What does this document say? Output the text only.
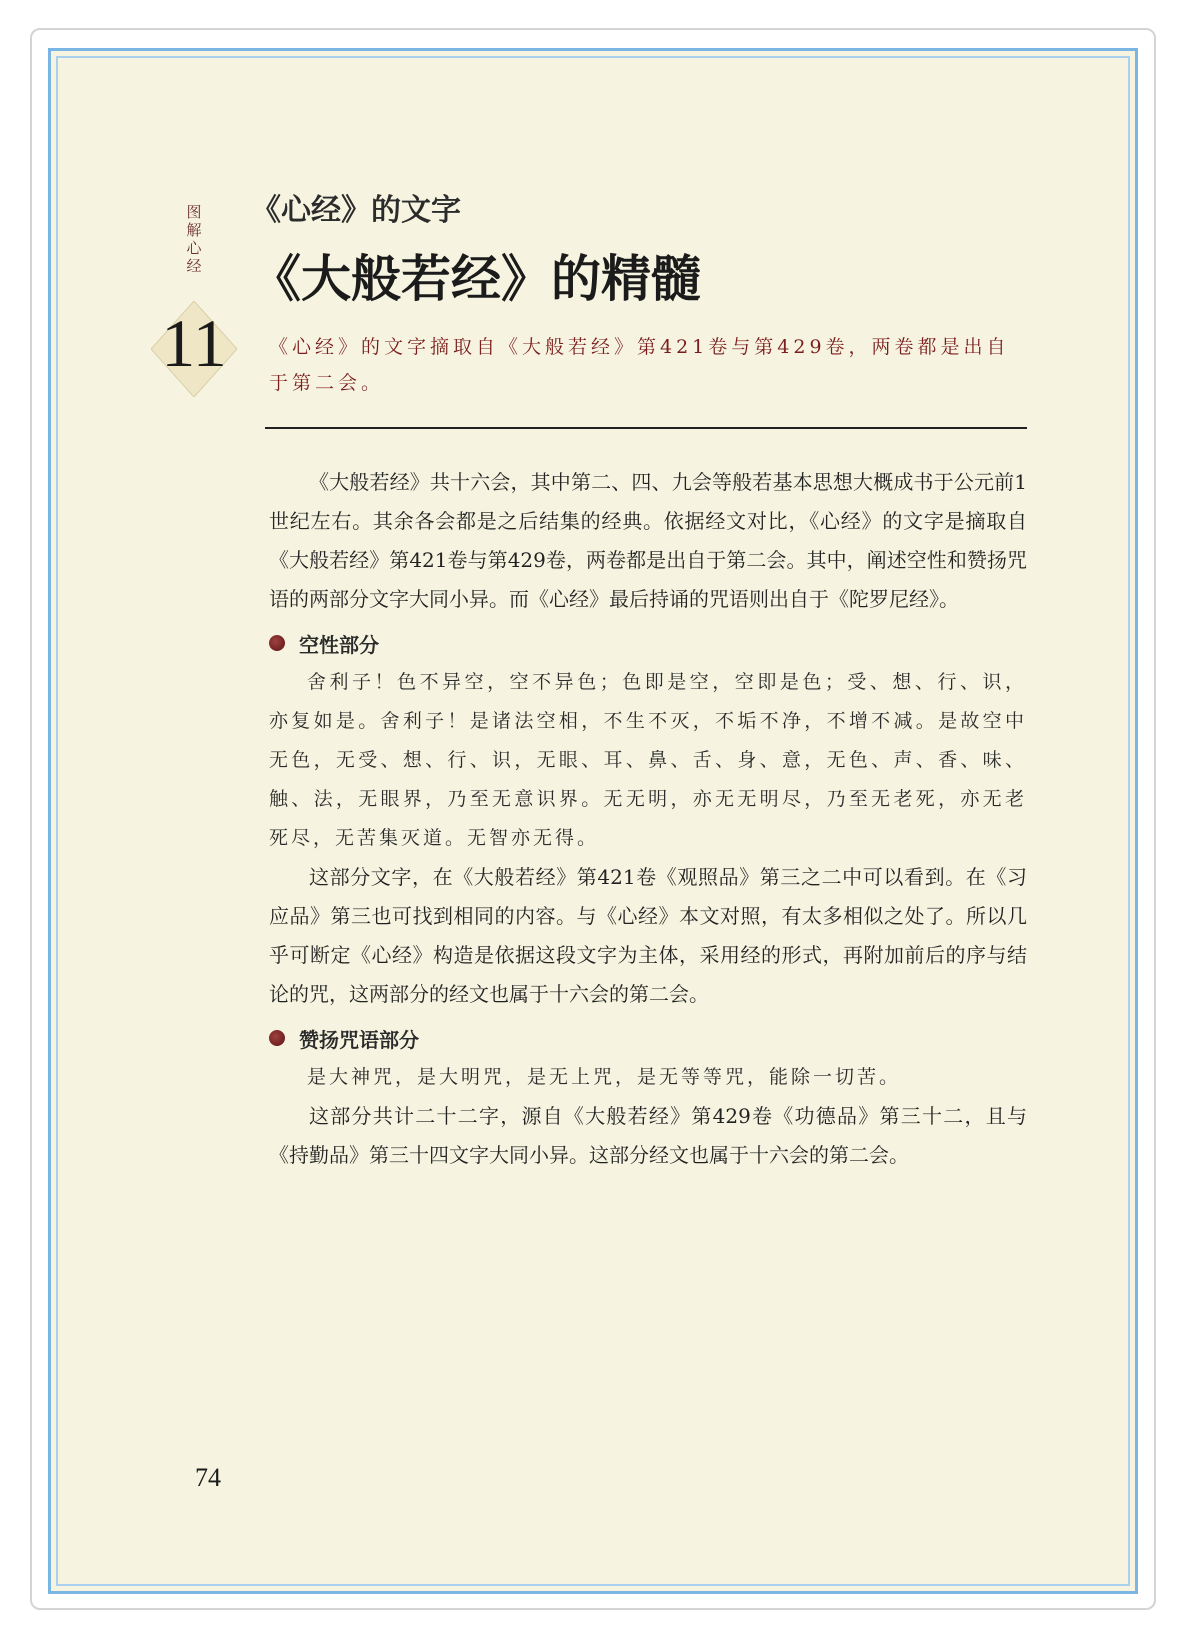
图解心经
11
《心经》的文字
《大般若经》的精髓
《心经》的文字摘取自《大般若经》第421卷与第429卷，两卷都是出自于第二会。

《大般若经》共十六会，其中第二、四、九会等般若基本思想大概成书于公元前1世纪左右。其余各会都是之后结集的经典。依据经文对比，《心经》的文字是摘取自《大般若经》第421卷与第429卷，两卷都是出自于第二会。其中，阐述空性和赞扬咒语的两部分文字大同小异。而《心经》最后持诵的咒语则出自于《陀罗尼经》。

空性部分

舍利子！色不异空，空不异色；色即是空，空即是色；受、想、行、识，亦复如是。舍利子！是诸法空相，不生不灭，不垢不净，不增不减。是故空中无色，无受、想、行、识，无眼、耳、鼻、舌、身、意，无色、声、香、味、触、法，无眼界，乃至无意识界。无无明，亦无无明尽，乃至无老死，亦无老死尽，无苦集灭道。无智亦无得。

这部分文字，在《大般若经》第421卷《观照品》第三之二中可以看到。在《习应品》第三也可找到相同的内容。与《心经》本文对照，有太多相似之处了。所以几乎可断定《心经》构造是依据这段文字为主体，采用经的形式，再附加前后的序与结论的咒，这两部分的经文也属于十六会的第二会。

赞扬咒语部分

是大神咒，是大明咒，是无上咒，是无等等咒，能除一切苦。

这部分共计二十二字，源自《大般若经》第429卷《功德品》第三十二，且与《持勤品》第三十四文字大同小异。这部分经文也属于十六会的第二会。

74
